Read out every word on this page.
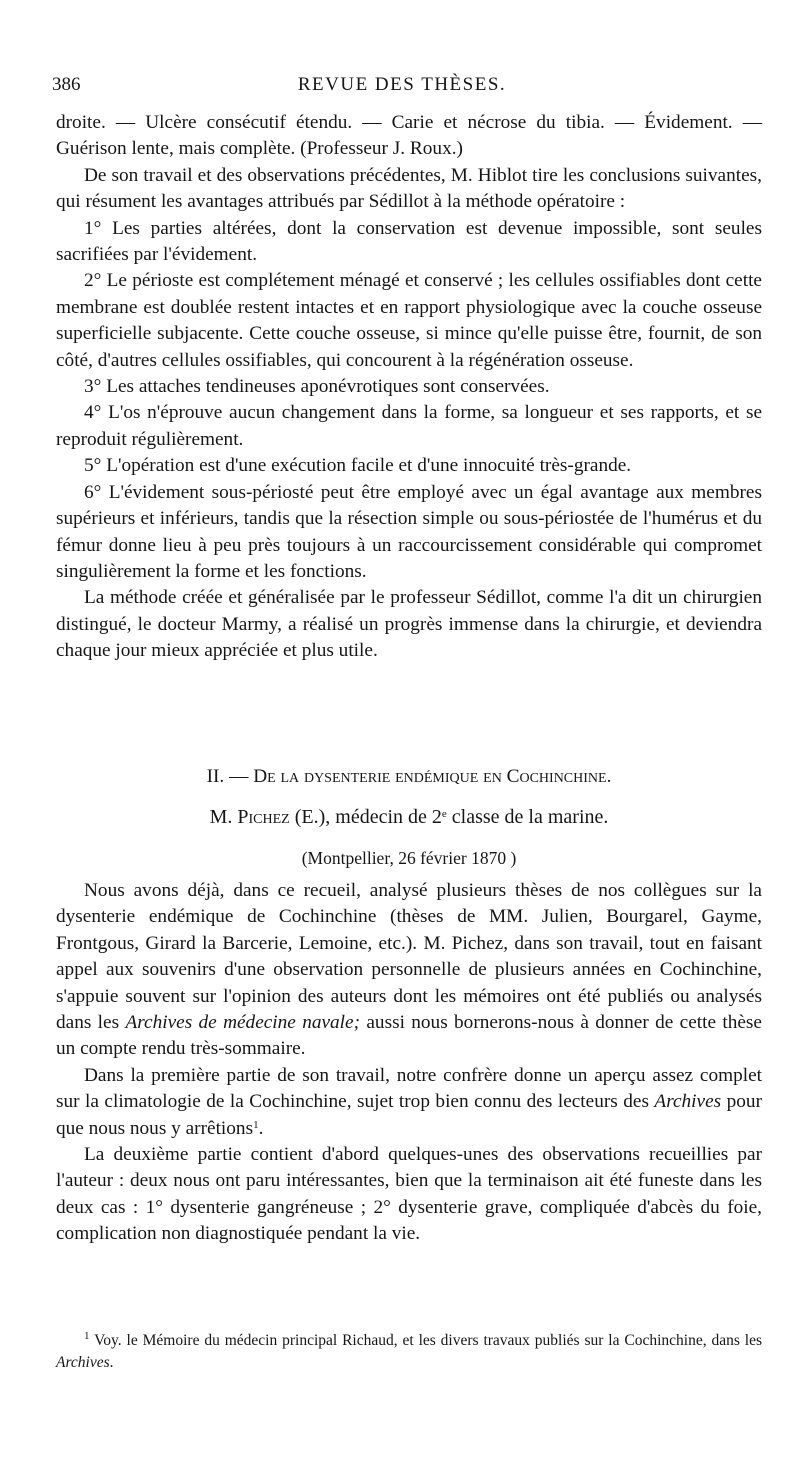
386	REVUE DES THÈSES.

droite. — Ulcère consécutif étendu. — Carie et nécrose du tibia. — Évidement. — Guérison lente, mais complète. (Professeur J. Roux.)

De son travail et des observations précédentes, M. Hiblot tire les conclusions suivantes, qui résument les avantages attribués par Sédillot à la méthode opératoire :

1° Les parties altérées, dont la conservation est devenue impossible, sont seules sacrifiées par l'évidement.

2° Le périoste est complétement ménagé et conservé ; les cellules ossifiables dont cette membrane est doublée restent intactes et en rapport physiologique avec la couche osseuse superficielle subjacente. Cette couche osseuse, si mince qu'elle puisse être, fournit, de son côté, d'autres cellules ossifiables, qui concourent à la régénération osseuse.

3° Les attaches tendineuses aponévrotiques sont conservées.

4° L'os n'éprouve aucun changement dans la forme, sa longueur et ses rapports, et se reproduit régulièrement.

5° L'opération est d'une exécution facile et d'une innocuité très-grande.

6° L'évidement sous-périosté peut être employé avec un égal avantage aux membres supérieurs et inférieurs, tandis que la résection simple ou sous-périostée de l'humérus et du fémur donne lieu à peu près toujours à un raccourcissement considérable qui compromet singulièrement la forme et les fonctions.

La méthode créée et généralisée par le professeur Sédillot, comme l'a dit un chirurgien distingué, le docteur Marmy, a réalisé un progrès immense dans la chirurgie, et deviendra chaque jour mieux appréciée et plus utile.

II. — De la dysenterie endémique en Cochinchine.
M. Pichez (E.), médecin de 2e classe de la marine.
(Montpellier, 26 février 1870 )

Nous avons déjà, dans ce recueil, analysé plusieurs thèses de nos collègues sur la dysenterie endémique de Cochinchine (thèses de MM. Julien, Bourgarel, Gayme, Frontgous, Girard la Barcerie, Lemoine, etc.). M. Pichez, dans son travail, tout en faisant appel aux souvenirs d'une observation personnelle de plusieurs années en Cochinchine, s'appuie souvent sur l'opinion des auteurs dont les mémoires ont été publiés ou analysés dans les Archives de médecine navale; aussi nous bornerons-nous à donner de cette thèse un compte rendu très-sommaire.

Dans la première partie de son travail, notre confrère donne un aperçu assez complet sur la climatologie de la Cochinchine, sujet trop bien connu des lecteurs des Archives pour que nous nous y arrêtions$^1$.

La deuxième partie contient d'abord quelques-unes des observations recueillies par l'auteur : deux nous ont paru intéressantes, bien que la terminaison ait été funeste dans les deux cas : 1° dysenterie gangréneuse ; 2° dysenterie grave, compliquée d'abcès du foie, complication non diagnostiquée pendant la vie.

$^1$ Voy. le Mémoire du médecin principal Richaud, et les divers travaux publiés sur la Cochinchine, dans les Archives.
